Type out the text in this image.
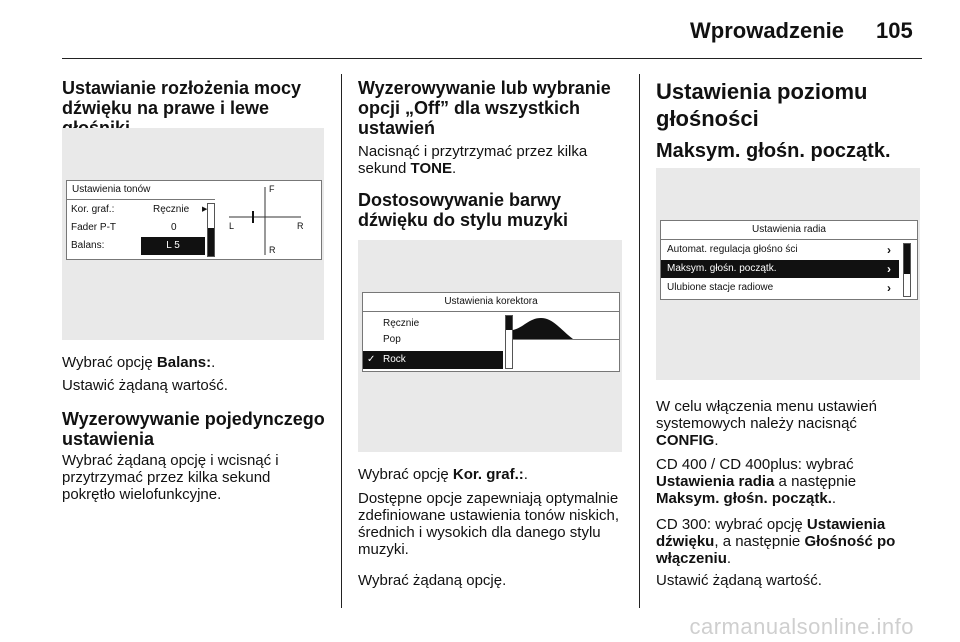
Wprowadzenie 105
Ustawianie rozłożenia mocy dźwięku na prawe i lewe
Ustawienia tonów
Kor. graf.:	Ręcznie ▶
Fader P-T	0
Balans:	L 5
F
L	R
R
Wybrać opcję Balans:.
Ustawić żądaną wartość.
Wyzerowywanie pojedynczego ustawienia
Wybrać żądaną opcję i wcisnąć i przytrzymać przez kilka sekund pokrętło wielofunkcyjne.
Wyzerowywanie lub wybranie opcji „Off” dla wszystkich ustawień
Nacisnąć i przytrzymać przez kilka sekund TONE.
Dostosowywanie barwy dźwięku do stylu muzyki
Ustawienia korektora
Ręcznie
Pop
✓ Rock
Wybrać opcję Kor. graf.:.
Dostępne opcje zapewniają optymalnie zdefiniowane ustawienia tonów niskich, średnich i wysokich dla danego stylu muzyki.
Wybrać żądaną opcję.
Ustawienia poziomu głośności
Maksym. głośn. początk.
Ustawienia radia
Automat. regulacja głośno ści	›
Maksym. głośn. początk.	›
Ulubione stacje radiowe	›
W celu włączenia menu ustawień systemowych należy nacisnąć CONFIG.
CD 400 / CD 400plus: wybrać Ustawienia radia a następnie Maksym. głośn. początk..
CD 300: wybrać opcję Ustawienia dźwięku, a następnie Głośność po włączeniu.
Ustawić żądaną wartość.
carmanualsonline.info
